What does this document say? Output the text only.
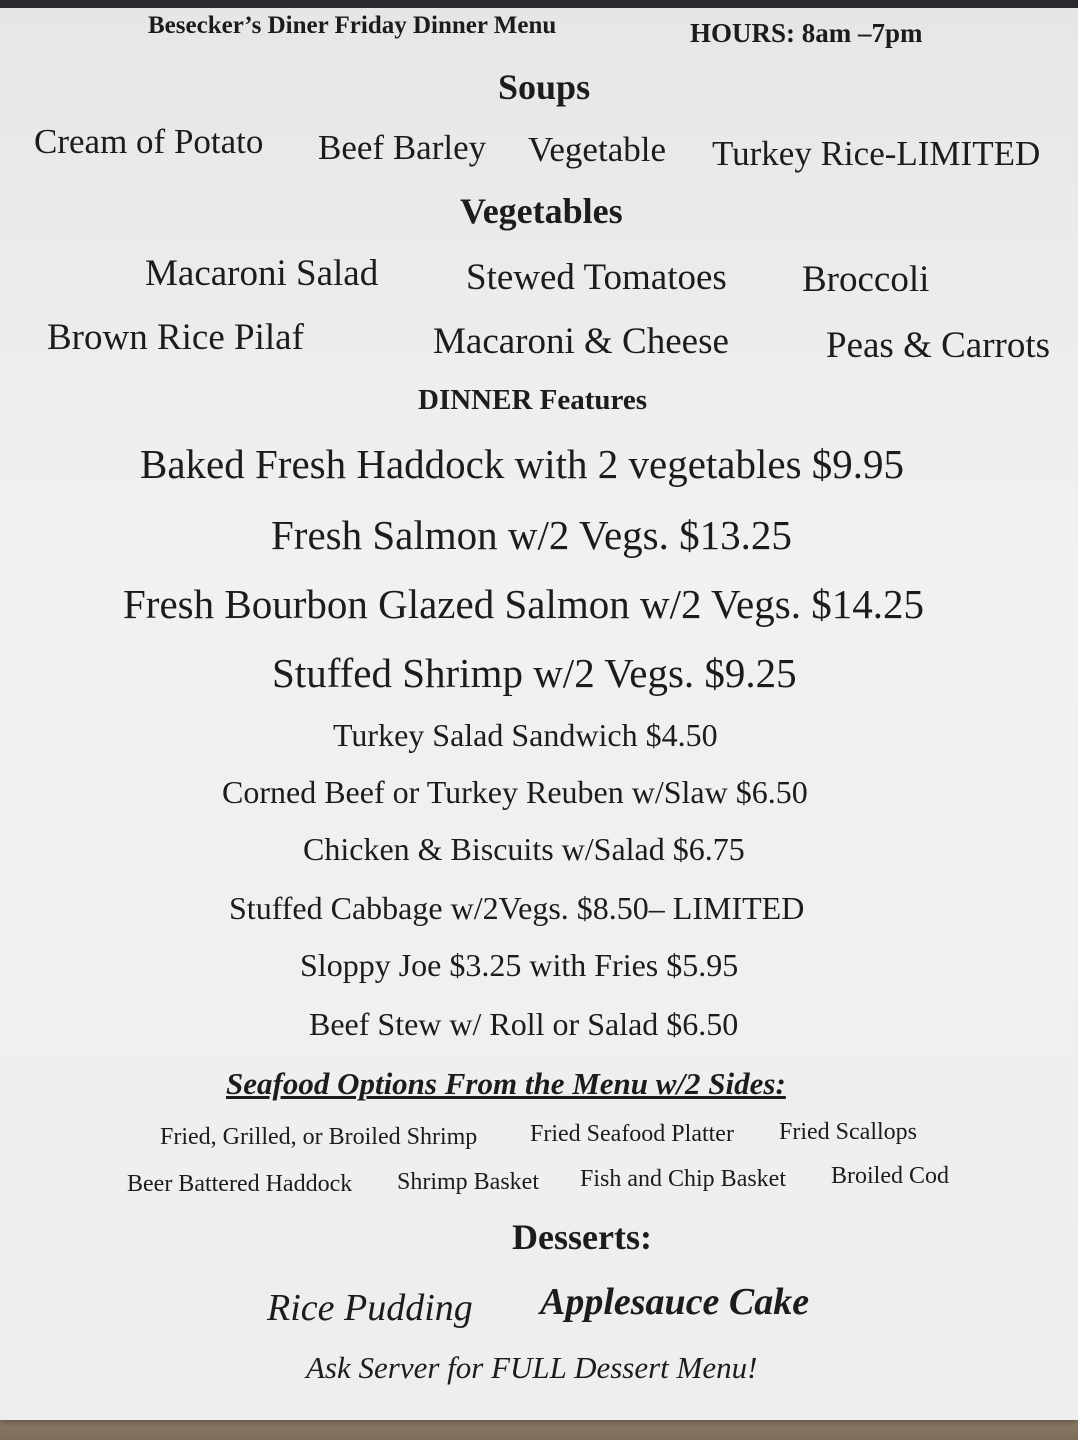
Besecker’s Diner Friday Dinner Menu	HOURS: 8am –7pm
Soups
Cream of Potato Beef Barley Vegetable Turkey Rice-LIMITED
Vegetables
Macaroni Salad Stewed Tomatoes Broccoli
Brown Rice Pilaf	Macaroni & Cheese	Peas & Carrots
DINNER Features
Baked Fresh Haddock with 2 vegetables $9.95
Fresh Salmon w/2 Vegs. $13.25
Fresh Bourbon Glazed Salmon w/2 Vegs. $14.25
Stuffed Shrimp w/2 Vegs. $9.25
Turkey Salad Sandwich $4.50
Corned Beef or Turkey Reuben w/Slaw $6.50
Chicken & Biscuits w/Salad $6.75
Stuffed Cabbage w/2Vegs. $8.50– LIMITED
Sloppy Joe $3.25 with Fries $5.95
Beef Stew w/ Roll or Salad $6.50
Seafood Options From the Menu w/2 Sides:
Fried, Grilled, or Broiled Shrimp Fried Seafood Platter Fried Scallops
Beer Battered Haddock Shrimp Basket Fish and Chip Basket Broiled Cod
Desserts:
Rice Pudding Applesauce Cake
Ask Server for FULL Dessert Menu!
